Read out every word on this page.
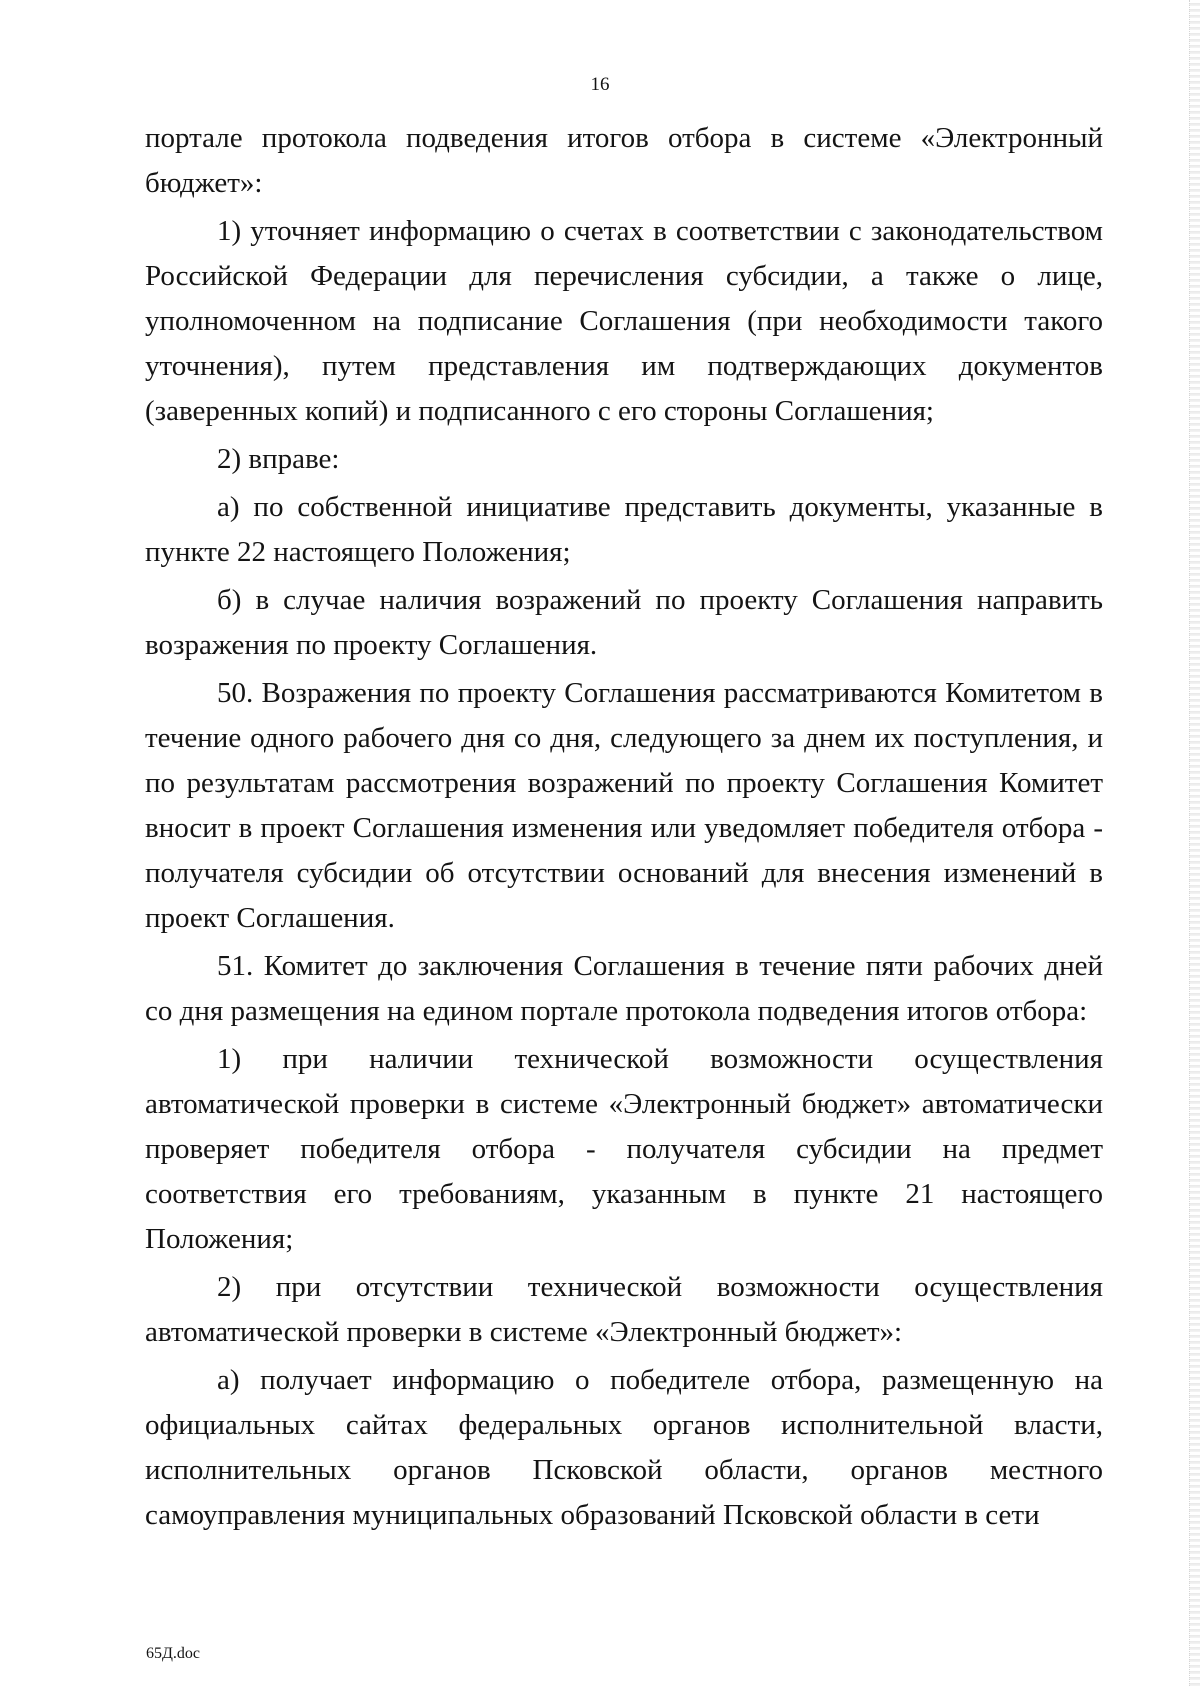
16

портале протокола подведения итогов отбора в системе «Электронный бюджет»:

1) уточняет информацию о счетах в соответствии с законодательством Российской Федерации для перечисления субсидии, а также о лице, уполномоченном на подписание Соглашения (при необходимости такого уточнения), путем представления им подтверждающих документов (заверенных копий) и подписанного с его стороны Соглашения;

2) вправе:

а) по собственной инициативе представить документы, указанные в пункте 22 настоящего Положения;

б) в случае наличия возражений по проекту Соглашения направить возражения по проекту Соглашения.

50. Возражения по проекту Соглашения рассматриваются Комитетом в течение одного рабочего дня со дня, следующего за днем их поступления, и по результатам рассмотрения возражений по проекту Соглашения Комитет вносит в проект Соглашения изменения или уведомляет победителя отбора - получателя субсидии об отсутствии оснований для внесения изменений в проект Соглашения.

51. Комитет до заключения Соглашения в течение пяти рабочих дней со дня размещения на едином портале протокола подведения итогов отбора:

1) при наличии технической возможности осуществления автоматической проверки в системе «Электронный бюджет» автоматически проверяет победителя отбора - получателя субсидии на предмет соответствия его требованиям, указанным в пункте 21 настоящего Положения;

2) при отсутствии технической возможности осуществления автоматической проверки в системе «Электронный бюджет»:

а) получает информацию о победителе отбора, размещенную на официальных сайтах федеральных органов исполнительной власти, исполнительных органов Псковской области, органов местного самоуправления муниципальных образований Псковской области в сети

65Д.doc
